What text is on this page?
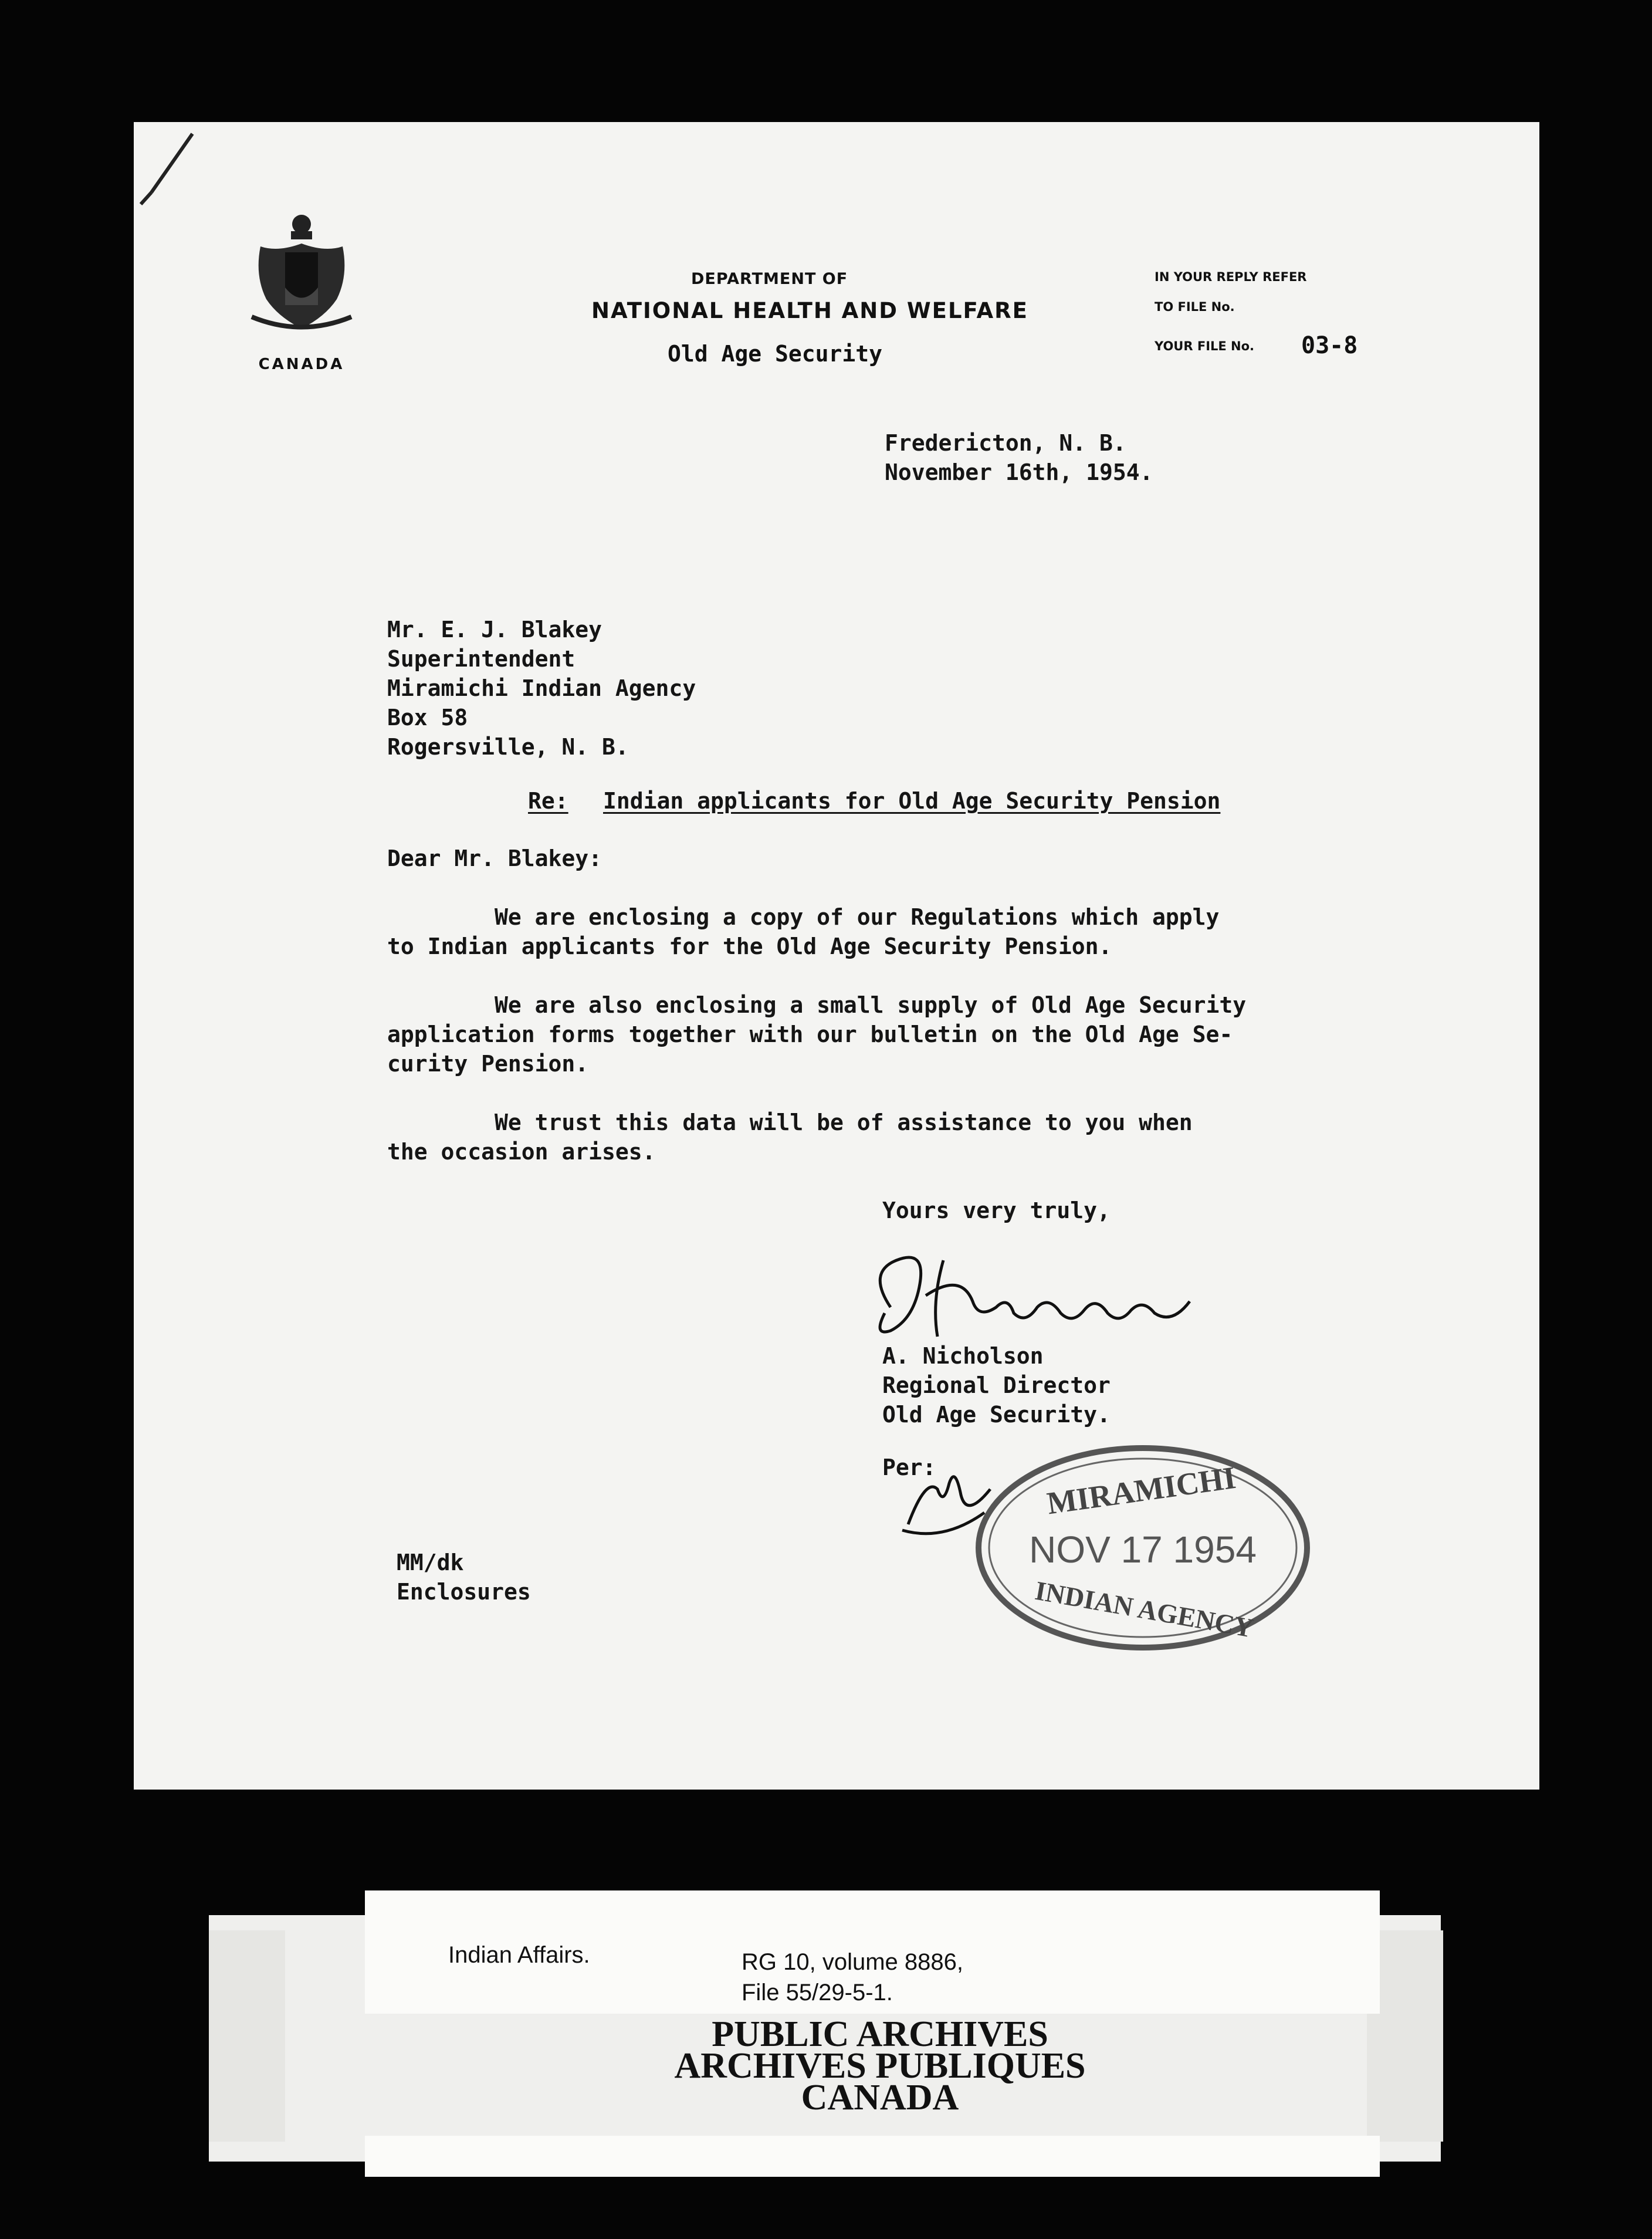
CANADA
DEPARTMENT OF
NATIONAL HEALTH AND WELFARE
Old Age Security
IN YOUR REPLY REFER
TO FILE No.
YOUR FILE No. 03-8
Fredericton, N. B.
November 16th, 1954.
Mr. E. J. Blakey
Superintendent
Miramichi Indian Agency
Box 58
Rogersville, N. B.
Re: Indian applicants for Old Age Security Pension
Dear Mr. Blakey:
We are enclosing a copy of our Regulations which apply
to Indian applicants for the Old Age Security Pension.
We are also enclosing a small supply of Old Age Security
application forms together with our bulletin on the Old Age Se-
curity Pension.
We trust this data will be of assistance to you when
the occasion arises.
Yours very truly,
A. Nicholson
Regional Director
Old Age Security.
Per:	MIRAMICHI
NOV 17 1954
INDIAN AGENCY
MM/dk
Enclosures
Indian Affairs.	RG 10, volume 8886,
File 55/29-5-1.
PUBLIC ARCHIVES
ARCHIVES PUBLIQUES
CANADA
